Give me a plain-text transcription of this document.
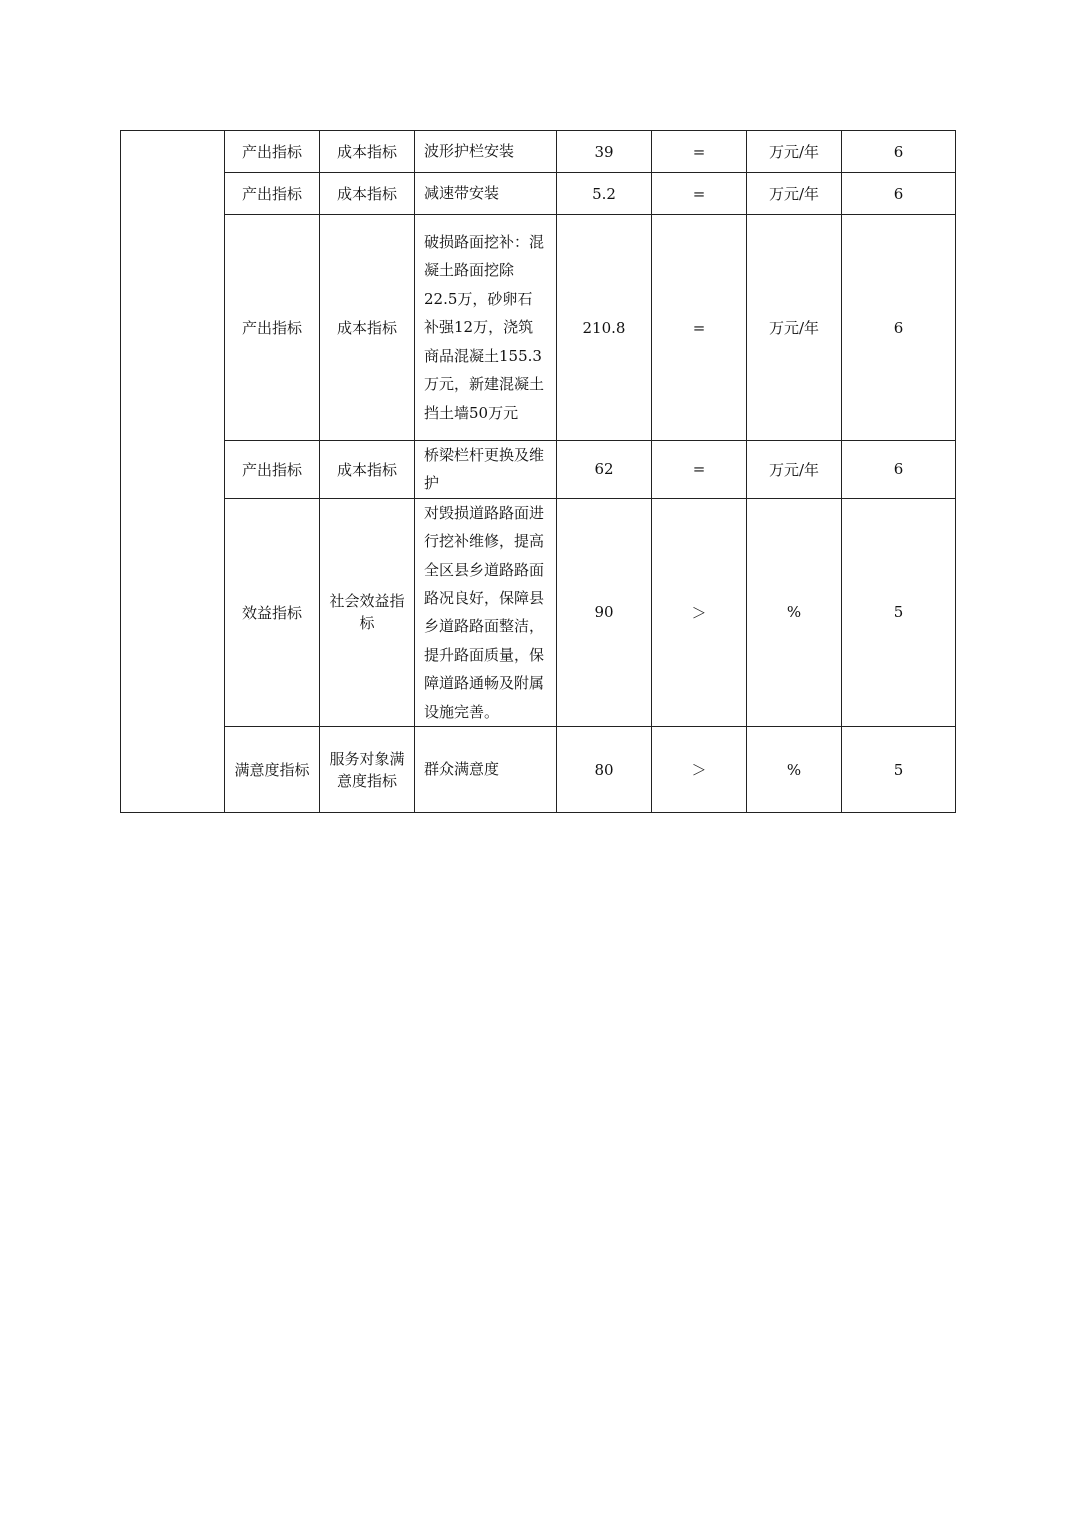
	产出指标	成本指标	波形护栏安装	39	=	万元/年	6
	产出指标	成本指标	减速带安装	5.2	=	万元/年	6
	产出指标	成本指标	破损路面挖补：混凝土路面挖除22.5万，砂卵石补强12万，浇筑商品混凝土155.3万元，新建混凝土挡土墙50万元	210.8	=	万元/年	6
	产出指标	成本指标	桥梁栏杆更换及维护	62	=	万元/年	6
	效益指标	社会效益指标	对毁损道路路面进行挖补维修，提高全区县乡道路路面路况良好，保障县乡道路路面整洁，提升路面质量，保障道路通畅及附属设施完善。	90	＞	%	5
	满意度指标	服务对象满意度指标	群众满意度	80	＞	%	5
